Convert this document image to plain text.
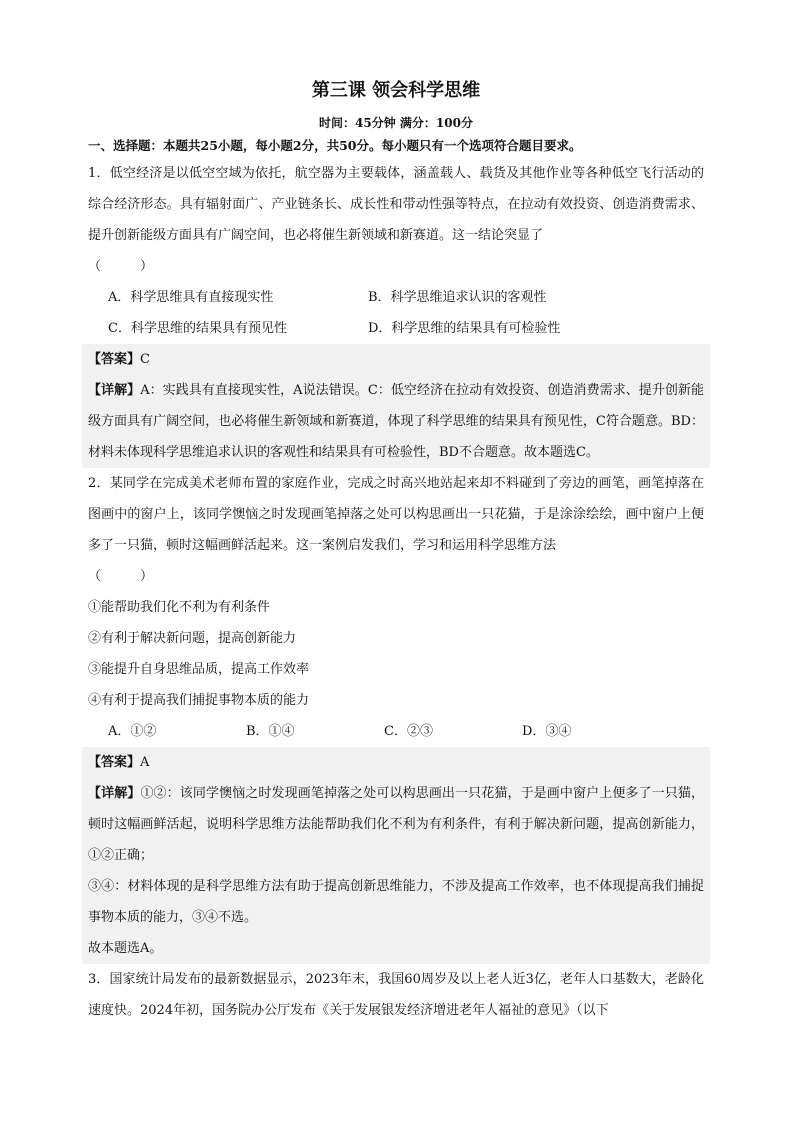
第三课 领会科学思维
时间：45分钟 满分：100分
一、选择题：本题共25小题，每小题2分，共50分。每小题只有一个选项符合题目要求。

1．低空经济是以低空空域为依托，航空器为主要载体，涵盖载人、载货及其他作业等各种低空飞行活动的综合经济形态。具有辐射面广、产业链条长、成长性和带动性强等特点，在拉动有效投资、创造消费需求、提升创新能级方面具有广阔空间，也必将催生新领域和新赛道。这一结论突显了

（　　　）

A．科学思维具有直接现实性	B．科学思维追求认识的客观性
C．科学思维的结果具有预见性	D．科学思维的结果具有可检验性

【答案】C

【详解】A：实践具有直接现实性，A说法错误。C：低空经济在拉动有效投资、创造消费需求、提升创新能级方面具有广阔空间，也必将催生新领域和新赛道，体现了科学思维的结果具有预见性，C符合题意。BD：材料未体现科学思维追求认识的客观性和结果具有可检验性，BD不合题意。故本题选C。

2．某同学在完成美术老师布置的家庭作业，完成之时高兴地站起来却不料碰到了旁边的画笔，画笔掉落在图画中的窗户上，该同学懊恼之时发现画笔掉落之处可以构思画出一只花猫，于是涂涂绘绘，画中窗户上便多了一只猫，顿时这幅画鲜活起来。这一案例启发我们，学习和运用科学思维方法

（　　　）

①能帮助我们化不利为有利条件

②有利于解决新问题，提高创新能力

③能提升自身思维品质，提高工作效率

④有利于提高我们捕捉事物本质的能力

A．①②	B．①④	C．②③	D．③④

【答案】A

【详解】①②：该同学懊恼之时发现画笔掉落之处可以构思画出一只花猫，于是画中窗户上便多了一只猫，顿时这幅画鲜活起，说明科学思维方法能帮助我们化不利为有利条件，有利于解决新问题，提高创新能力，①②正确；

③④：材料体现的是科学思维方法有助于提高创新思维能力，不涉及提高工作效率，也不体现提高我们捕捉事物本质的能力，③④不选。

故本题选A。

3．国家统计局发布的最新数据显示，2023年末，我国60周岁及以上老人近3亿，老年人口基数大，老龄化速度快。2024年初，国务院办公厅发布《关于发展银发经济增进老年人福祉的意见》（以下
